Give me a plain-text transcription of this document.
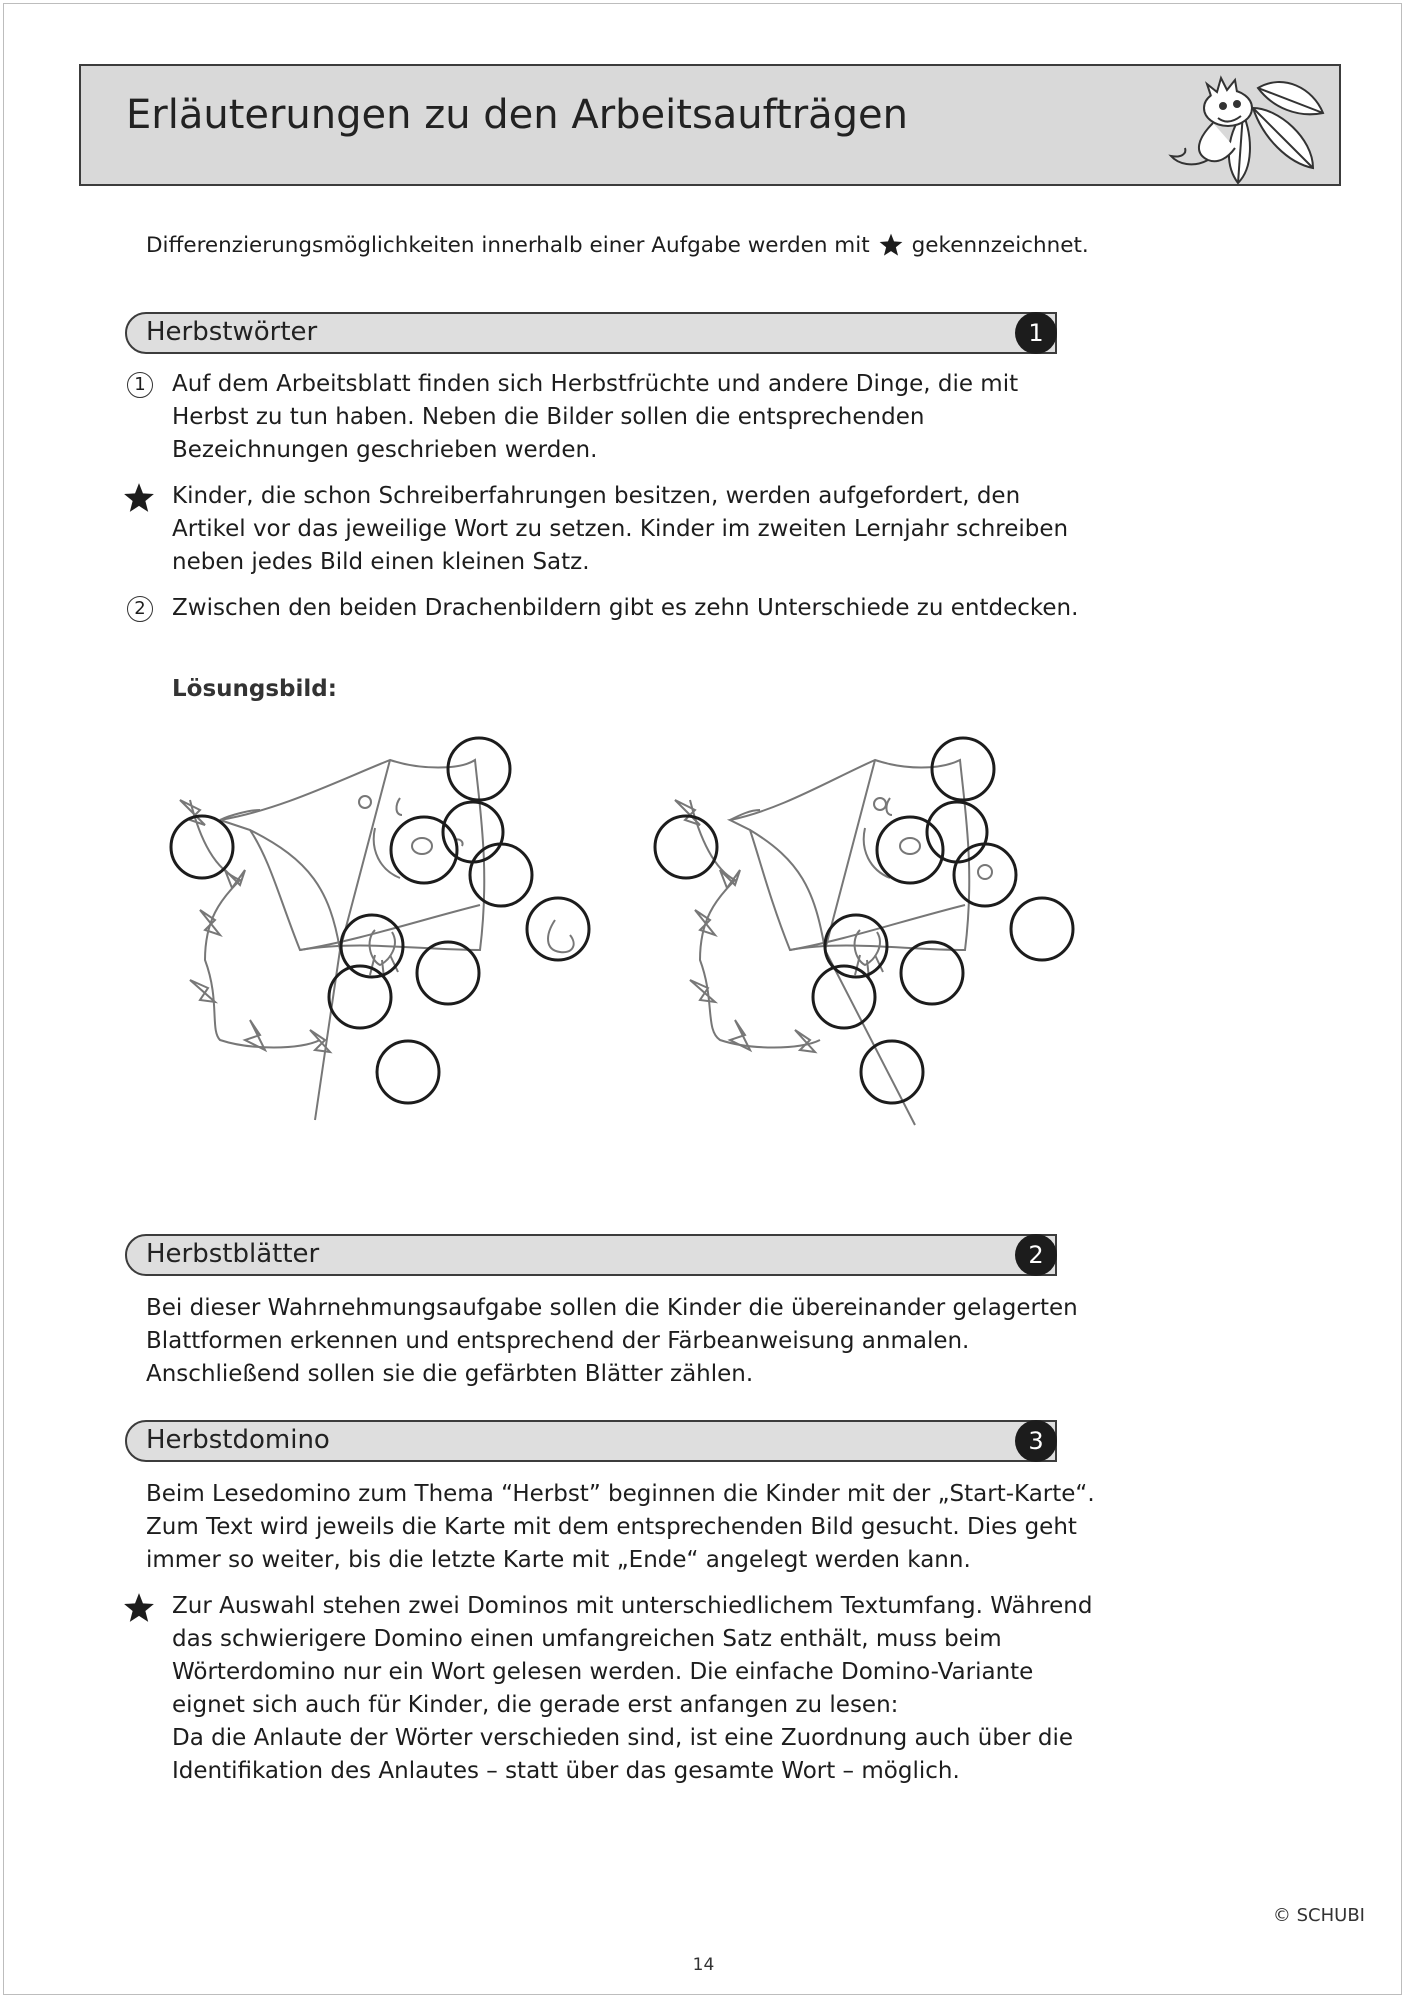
Erläuterungen zu den Arbeitsaufträgen
Differenzierungsmöglichkeiten innerhalb einer Aufgabe werden mit gekennzeichnet.
Herbstwörter	1
1	Auf dem Arbeitsblatt finden sich Herbstfrüchte und andere Dinge, die mit
Herbst zu tun haben. Neben die Bilder sollen die entsprechenden
Bezeichnungen geschrieben werden.
Kinder, die schon Schreiberfahrungen besitzen, werden aufgefordert, den
Artikel vor das jeweilige Wort zu setzen. Kinder im zweiten Lernjahr schreiben
neben jedes Bild einen kleinen Satz.
2	Zwischen den beiden Drachenbildern gibt es zehn Unterschiede zu entdecken.
Lösungsbild:
Herbstblätter	2
Bei dieser Wahrnehmungsaufgabe sollen die Kinder die übereinander gelagerten
Blattformen erkennen und entsprechend der Färbeanweisung anmalen.
Anschließend sollen sie die gefärbten Blätter zählen.
Herbstdomino	3
Beim Lesedomino zum Thema “Herbst” beginnen die Kinder mit der „Start-Karte“.
Zum Text wird jeweils die Karte mit dem entsprechenden Bild gesucht. Dies geht
immer so weiter, bis die letzte Karte mit „Ende“ angelegt werden kann.
Zur Auswahl stehen zwei Dominos mit unterschiedlichem Textumfang. Während
das schwierigere Domino einen umfangreichen Satz enthält, muss beim
Wörterdomino nur ein Wort gelesen werden. Die einfache Domino-Variante
eignet sich auch für Kinder, die gerade erst anfangen zu lesen:
Da die Anlaute der Wörter verschieden sind, ist eine Zuordnung auch über die
Identifikation des Anlautes – statt über das gesamte Wort – möglich.
© SCHUBI
14
